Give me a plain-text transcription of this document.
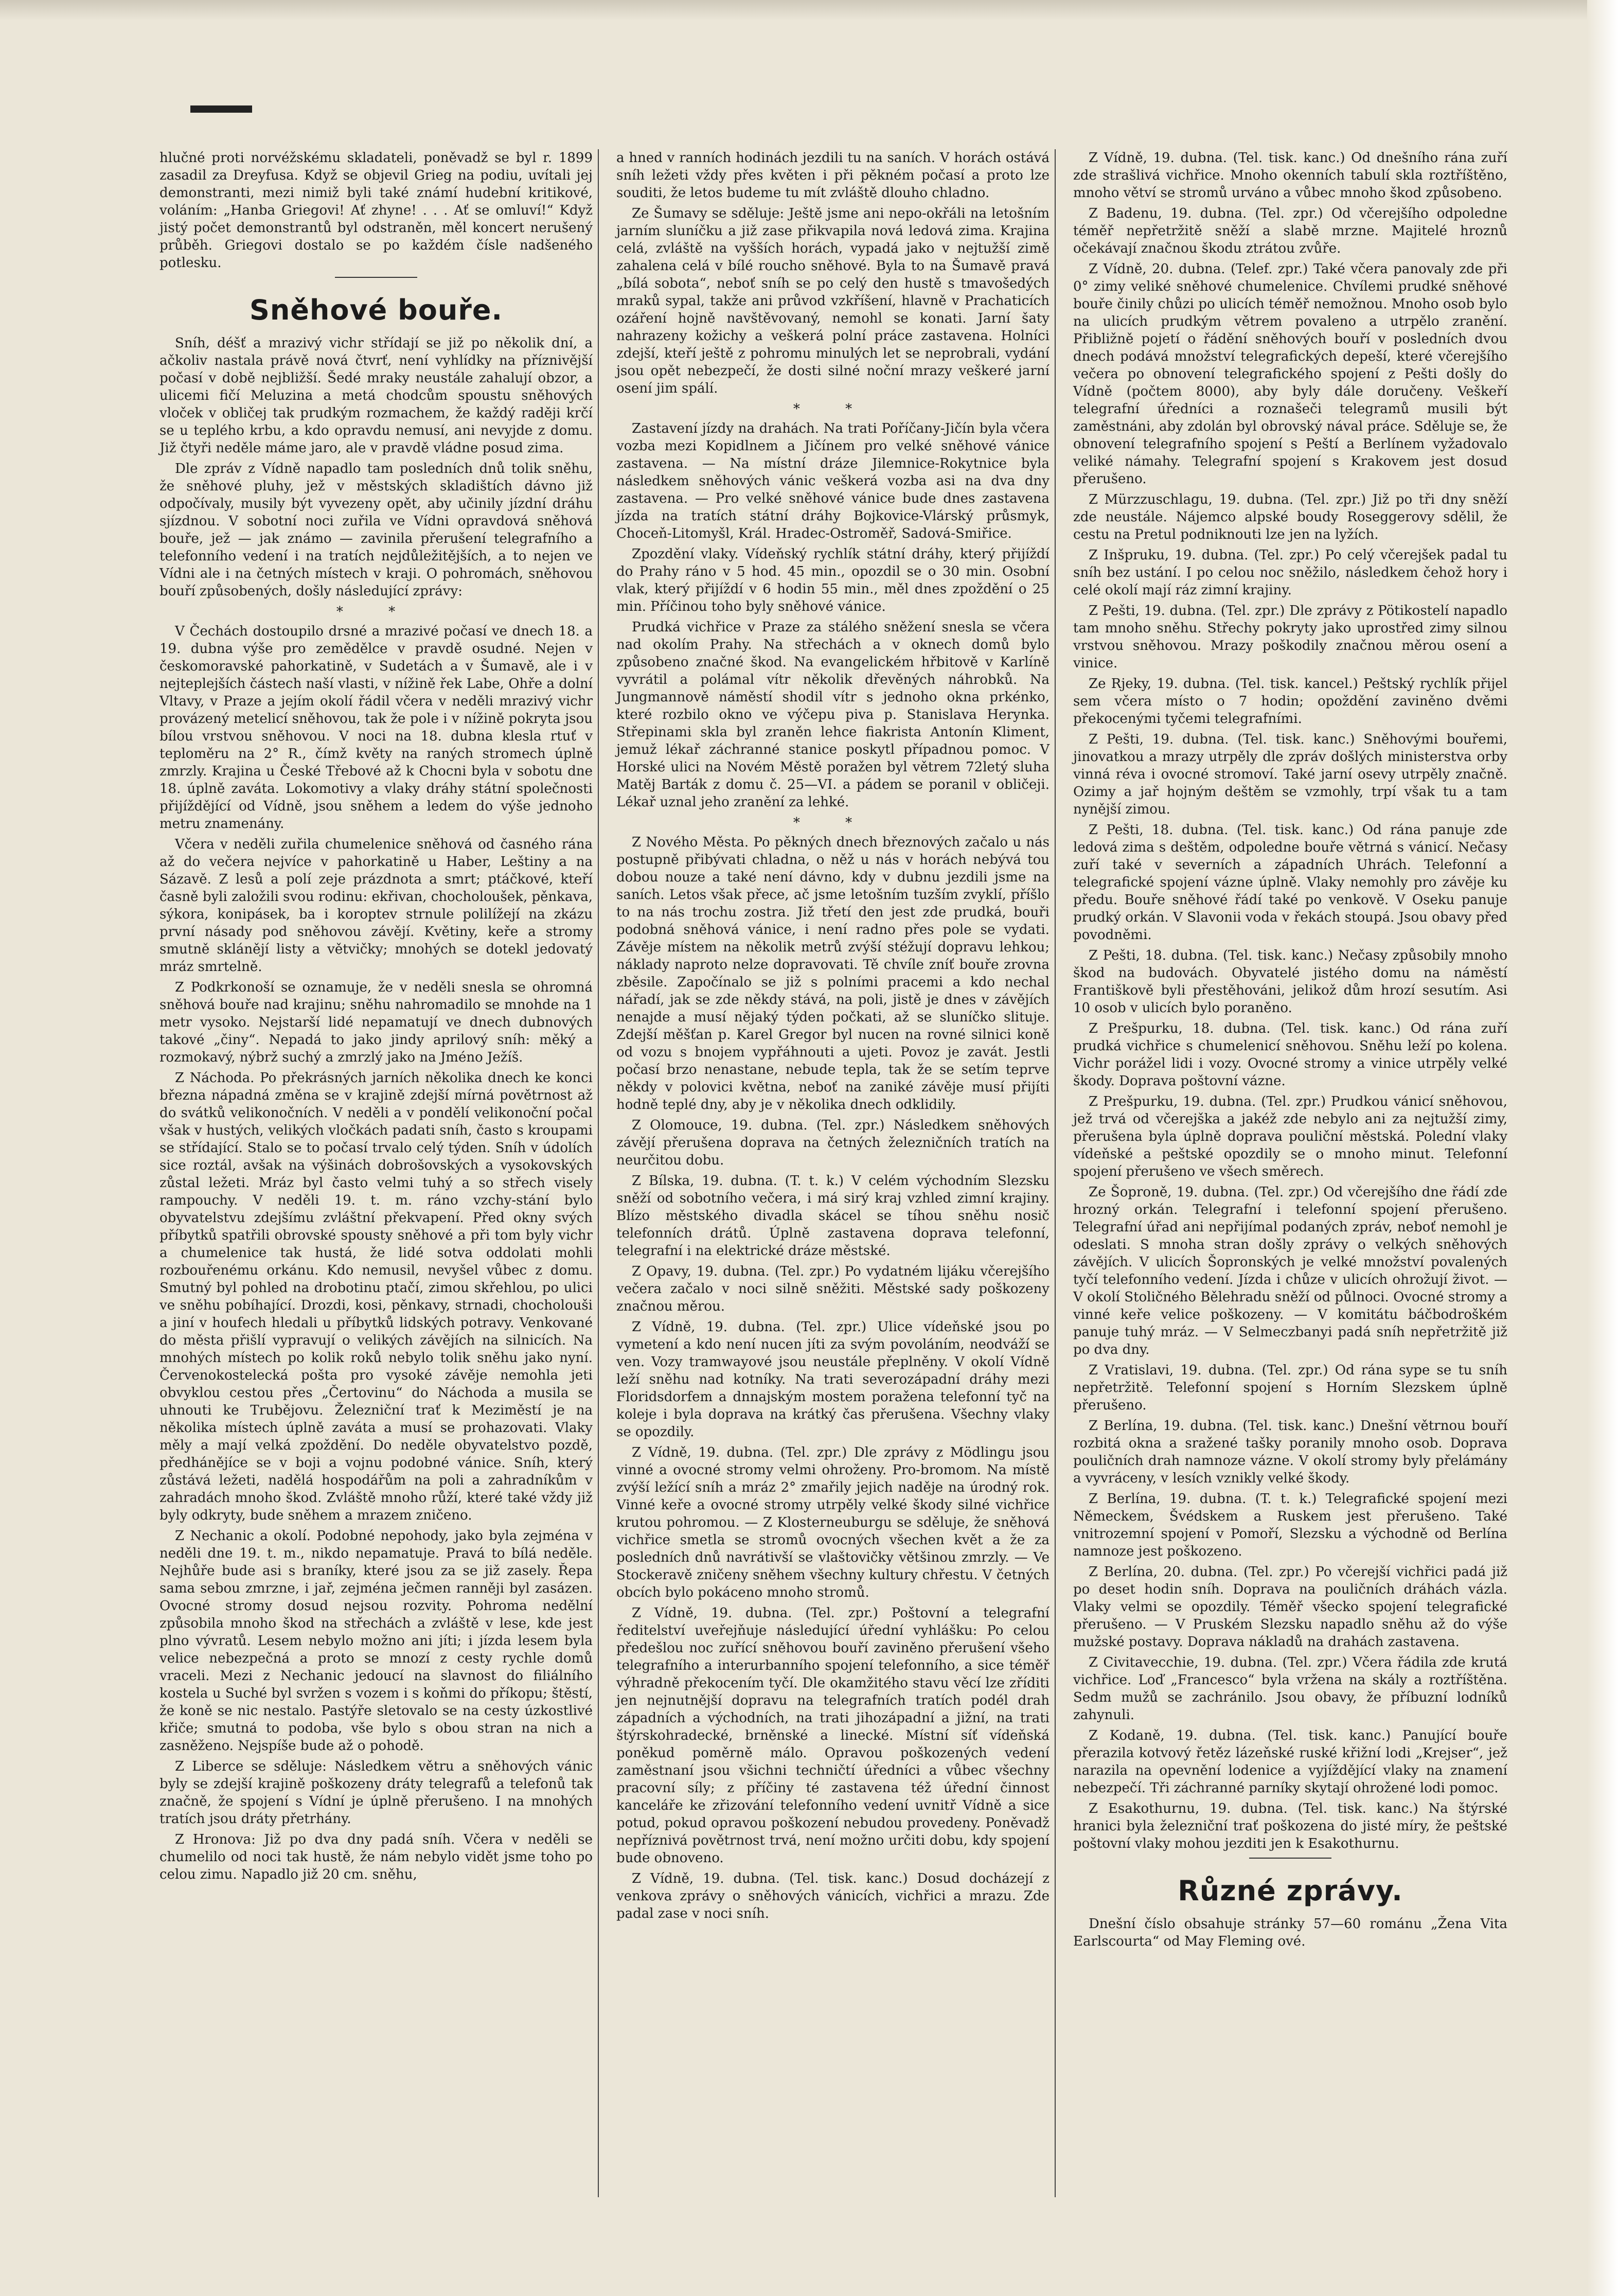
hlučné proti norvéžskému skladateli, poněvadž se byl r. 1899 zasadil za Dreyfusa. Když se objevil Grieg na podiu, uvítali jej demonstranti, mezi nimiž byli také známí hudební kritikové, voláním: „Hanba Griegovi! Ať zhyne! . . . Ať se omluví!“ Když jistý počet demonstrantů byl odstraněn, měl koncert nerušený průběh. Griegovi dostalo se po každém čísle nadšeného potlesku.

Sněhové bouře.

Sníh, déšť a mrazivý vichr střídají se již po několik dní, a ačkoliv nastala právě nová čtvrť, není vyhlídky na příznivější počasí v době nejbližší. Šedé mraky neustále zahalují obzor, a ulicemi fičí Meluzina a metá chodcům spoustu sněhových vloček v obličej tak prudkým rozmachem, že každý raději krčí se u teplého krbu, a kdo opravdu nemusí, ani nevyjde z domu. Již čtyři neděle máme jaro, ale v pravdě vládne posud zima.

Dle zpráv z Vídně napadlo tam posledních dnů tolik sněhu, že sněhové pluhy, jež v městských skladištích dávno již odpočívaly, musily být vyvezeny opět, aby učinily jízdní dráhu sjízdnou. V sobotní noci zuřila ve Vídni opravdová sněhová bouře, jež — jak známo — zavinila přerušení telegrafního a telefonního vedení i na tratích nejdůležitějších, a to nejen ve Vídni ale i na četných místech v kraji. O pohromách, sněhovou bouří způsobených, došly následující zprávy:

* *

V Čechách dostoupilo drsné a mrazivé počasí ve dnech 18. a 19. dubna výše pro zemědělce v pravdě osudné. Nejen v českomoravské pahorkatině, v Sudetách a v Šumavě, ale i v nejteplejších částech naší vlasti, v nížině řek Labe, Ohře a dolní Vltavy, v Praze a jejím okolí řádil včera v neděli mrazivý vichr provázený metelicí sněhovou, tak že pole i v nížině pokryta jsou bílou vrstvou sněhovou. V noci na 18. dubna klesla rtuť v teploměru na 2° R., čímž květy na raných stromech úplně zmrzly. Krajina u České Třebové až k Chocni byla v sobotu dne 18. úplně zaváta. Lokomotivy a vlaky dráhy státní společnosti přijíždějící od Vídně, jsou sněhem a ledem do výše jednoho metru znamenány.

Včera v neděli zuřila chumelenice sněhová od časného rána až do večera nejvíce v pahorkatině u Haber, Leštiny a na Sázavě. Z lesů a polí zeje prázdnota a smrt; ptáčkové, kteří časně byli založili svou rodinu: ekřivan, chocholoušek, pěnkava, sýkora, konipásek, ba i koroptev strnule polilížejí na zkázu první násady pod sněhovou závějí. Květiny, keře a stromy smutně sklánějí listy a větvičky; mnohých se dotekl jedovatý mráz smrtelně.

Z Podkrkonoší se oznamuje, že v neděli snesla se ohromná sněhová bouře nad krajinu; sněhu nahromadilo se mnohde na 1 metr vysoko. Nejstarší lidé nepamatují ve dnech dubnových takové „činy“. Nepadá to jako jindy aprilový sníh: měký a rozmokavý, nýbrž suchý a zmrzlý jako na Jméno Ježíš.

Z Náchoda. Po překrásných jarních několika dnech ke konci března nápadná změna se v krajině zdejší mírná povětrnost až do svátků velikonočních. V neděli a v pondělí velikonoční počal však v hustých, velikých vločkách padati sníh, často s kroupami se střídající. Stalo se to počasí trvalo celý týden. Sníh v údolích sice roztál, avšak na výšinách dobrošovských a vysokovských zůstal ležeti. Mráz byl často velmi tuhý a so střech visely rampouchy. V neděli 19. t. m. ráno vzchy-stání bylo obyvatelstvu zdejšímu zvláštní překvapení. Před okny svých příbytků spatřili obrovské spousty sněhové a při tom byly vichr a chumelenice tak hustá, že lidé sotva oddolati mohli rozbouřenému orkánu. Kdo nemusil, nevyšel vůbec z domu. Smutný byl pohled na drobotinu ptačí, zimou skřehlou, po ulici ve sněhu pobíhající. Drozdi, kosi, pěnkavy, strnadi, chocholouši a jiní v houfech hledali u příbytků lidských potravy. Venkované do města přišlí vypravují o velikých závějích na silnicích. Na mnohých místech po kolik roků nebylo tolik sněhu jako nyní. Červenokostelecká pošta pro vysoké závěje nemohla jeti obvyklou cestou přes „Čertovinu“ do Náchoda a musila se uhnouti ke Trubějovu. Železniční trať k Meziměstí je na několika místech úplně zaváta a musí se prohazovati. Vlaky měly a mají velká zpoždění. Do neděle obyvatelstvo pozdě, předhánějíce se v boji a vojnu podobné vánice. Sníh, který zůstává ležeti, nadělá hospodářům na poli a zahradníkům v zahradách mnoho škod. Zvláště mnoho růží, které také vždy již byly odkryty, bude sněhem a mrazem zničeno.

Z Nechanic a okolí. Podobné nepohody, jako byla zejména v neděli dne 19. t. m., nikdo nepamatuje. Pravá to bílá neděle. Nejhůře bude asi s braníky, které jsou za se již zasely. Řepa sama sebou zmrzne, i jař, zejména ječmen ranněji byl zasázen. Ovocné stromy dosud nejsou rozvity. Pohroma nedělní způsobila mnoho škod na střechách a zvláště v lese, kde jest plno vývratů. Lesem nebylo možno ani jíti; i jízda lesem byla velice nebezpečná a proto se mnozí z cesty rychle domů vraceli. Mezi z Nechanic jedoucí na slavnost do filiálního kostela u Suché byl svržen s vozem i s koňmi do příkopu; štěstí, že koně se nic nestalo. Pastýře sletovalo se na cesty úzkostlivé křiče; smutná to podoba, vše bylo s obou stran na nich a zasněženo. Nejspíše bude až o pohodě.

Z Liberce se sděluje: Následkem větru a sněhových vánic byly se zdejší krajině poškozeny dráty telegrafů a telefonů tak značně, že spojení s Vídní je úplně přerušeno. I na mnohých tratích jsou dráty přetrhány.

Z Hronova: Již po dva dny padá sníh. Včera v neděli se chumelilo od noci tak hustě, že nám nebylo vidět jsme toho po celou zimu. Napadlo již 20 cm. sněhu,

a hned v ranních hodinách jezdili tu na saních. V horách ostává sníh ležeti vždy přes květen i při pěkném počasí a proto lze souditi, že letos budeme tu mít zvláště dlouho chladno.

Ze Šumavy se sděluje: Ještě jsme ani nepo-okřáli na letošním jarním sluníčku a již zase přikvapila nová ledová zima. Krajina celá, zvláště na vyšších horách, vypadá jako v nejtužší zimě zahalena celá v bílé roucho sněhové. Byla to na Šumavě pravá „bílá sobota“, neboť sníh se po celý den hustě s tmavošedých mraků sypal, takže ani průvod vzkříšení, hlavně v Prachaticích ozáření hojně navštěvovaný, nemohl se konati. Jarní šaty nahrazeny kožichy a veškerá polní práce zastavena. Holníci zdejší, kteří ještě z pohromu minulých let se neprobrali, vydání jsou opět nebezpečí, že dosti silné noční mrazy veškeré jarní osení jim spálí.

* *

Zastavení jízdy na drahách. Na trati Poříčany-Jičín byla včera vozba mezi Kopidlnem a Jičínem pro velké sněhové vánice zastavena. — Na místní dráze Jilemnice-Rokytnice byla následkem sněhových vánic veškerá vozba asi na dva dny zastavena. — Pro velké sněhové vánice bude dnes zastavena jízda na tratích státní dráhy Bojkovice-Vlárský průsmyk, Choceň-Litomyšl, Král. Hradec-Ostroměř, Sadová-Smiřice.

Zpozdění vlaky. Vídeňský rychlík státní dráhy, který přijíždí do Prahy ráno v 5 hod. 45 min., opozdil se o 30 min. Osobní vlak, který přijíždí v 6 hodin 55 min., měl dnes zpoždění o 25 min. Příčinou toho byly sněhové vánice.

Prudká vichřice v Praze za stálého sněžení snesla se včera nad okolím Prahy. Na střechách a v oknech domů bylo způsobeno značné škod. Na evangelickém hřbitově v Karlíně vyvrátil a polámal vítr několik dřevěných náhrobků. Na Jungmannově náměstí shodil vítr s jednoho okna prkénko, které rozbilo okno ve výčepu piva p. Stanislava Herynka. Střepinami skla byl zraněn lehce fiakrista Antonín Kliment, jemuž lékař záchranné stanice poskytl případnou pomoc. V Horské ulici na Novém Městě poražen byl větrem 72letý sluha Matěj Barták z domu č. 25—VI. a pádem se poranil v obličeji. Lékař uznal jeho zranění za lehké.

* *

Z Nového Města. Po pěkných dnech březnových začalo u nás postupně přibývati chladna, o něž u nás v horách nebývá tou dobou nouze a také není dávno, kdy v dubnu jezdili jsme na saních. Letos však přece, ač jsme letošním tuzším zvyklí, příšlo to na nás trochu zostra. Již třetí den jest zde prudká, bouři podobná sněhová vánice, i není radno přes pole se vydati. Závěje místem na několik metrů zvýší stéžují dopravu lehkou; náklady naproto nelze dopravovati. Tě chvíle zníť bouře zrovna zběsile. Započínalo se již s polními pracemi a kdo nechal nářadí, jak se zde někdy stává, na poli, jistě je dnes v závějích nenajde a musí nějaký týden počkati, až se sluníčko slituje. Zdejší měšťan p. Karel Gregor byl nucen na rovné silnici koně od vozu s bnojem vypřáhnouti a ujeti. Povoz je zavát. Jestli počasí brzo nenastane, nebude tepla, tak že se setím teprve někdy v polovici května, neboť na zaniké závěje musí přijíti hodně teplé dny, aby je v několika dnech odklidily.

Z Olomouce, 19. dubna. (Tel. zpr.) Následkem sněhových závějí přerušena doprava na četných železničních tratích na neurčitou dobu.

Z Bílska, 19. dubna. (T. t. k.) V celém východním Slezsku sněží od sobotního večera, i má sirý kraj vzhled zimní krajiny. Blízo městského divadla skácel se tíhou sněhu nosič telefonních drátů. Úplně zastavena doprava telefonní, telegrafní i na elektrické dráze městské.

Z Opavy, 19. dubna. (Tel. zpr.) Po vydatném lijáku včerejšího večera začalo v noci silně sněžiti. Městské sady poškozeny značnou měrou.

Z Vídně, 19. dubna. (Tel. zpr.) Ulice vídeňské jsou po vymetení a kdo není nucen jíti za svým povoláním, neodváží se ven. Vozy tramwayové jsou neustále přeplněny. V okolí Vídně leží sněhu nad kotníky. Na trati severozápadní dráhy mezi Floridsdorfem a dnnajským mostem poražena telefonní tyč na koleje i byla doprava na krátký čas přerušena. Všechny vlaky se opozdily.

Z Vídně, 19. dubna. (Tel. zpr.) Dle zprávy z Mödlingu jsou vinné a ovocné stromy velmi ohroženy. Pro-bromom. Na místě zvýší ležící sníh a mráz 2° zmařily jejich naděje na úrodný rok. Vinné keře a ovocné stromy utrpěly velké škody silné vichřice krutou pohromou. — Z Klosterneuburgu se sděluje, že sněhová vichřice smetla se stromů ovocných všechen květ a že za posledních dnů navrátivší se vlaštovičky většinou zmrzly. — Ve Stockeravě zničeny sněhem všechny kultury chřestu. V četných obcích bylo pokáceno mnoho stromů.

Z Vídně, 19. dubna. (Tel. zpr.) Poštovní a telegrafní ředitelství uveřejňuje následující úřední vyhlášku: Po celou předešlou noc zuřící sněhovou bouří zaviněno přerušení všeho telegrafního a interurbanního spojení telefonního, a sice téměř výhradně překocením tyčí. Dle okamžitého stavu věcí lze zříditi jen nejnutnější dopravu na telegrafních tratích podél drah západních a východních, na trati jihozápadní a jižní, na trati štýrskohradecké, brněnské a linecké. Místní síť vídeňská poněkud poměrně málo. Opravou poškozených vedení zaměstnaní jsou všichni techničtí úředníci a vůbec všechny pracovní síly; z příčiny té zastavena též úřední činnost kanceláře ke zřizování telefonního vedení uvnitř Vídně a sice potud, pokud opravou poškození nebudou provedeny. Poněvadž nepříznivá povětrnost trvá, není možno určiti dobu, kdy spojení bude obnoveno.

Z Vídně, 19. dubna. (Tel. tisk. kanc.) Dosud docházejí z venkova zprávy o sněhových vánicích, vichřici a mrazu. Zde padal zase v noci sníh.

Z Vídně, 19. dubna. (Tel. tisk. kanc.) Od dnešního rána zuří zde strašlivá vichřice. Mnoho okenních tabulí skla roztříštěno, mnoho větví se stromů urváno a vůbec mnoho škod způsobeno.

Z Badenu, 19. dubna. (Tel. zpr.) Od včerejšího odpoledne téměř nepřetržitě sněží a slabě mrzne. Majitelé hroznů očekávají značnou škodu ztrátou zvůře.

Z Vídně, 20. dubna. (Telef. zpr.) Také včera panovaly zde při 0° zimy veliké sněhové chumelenice. Chvílemi prudké sněhové bouře činily chůzi po ulicích téměř nemožnou. Mnoho osob bylo na ulicích prudkým větrem povaleno a utrpělo zranění. Přibližně pojetí o řádění sněhových bouří v posledních dvou dnech podává množství telegrafických depeší, které včerejšího večera po obnovení telegrafického spojení z Pešti došly do Vídně (počtem 8000), aby byly dále doručeny. Veškeří telegrafní úředníci a roznašeči telegramů musili být zaměstnáni, aby zdolán byl obrovský nával práce. Sděluje se, že obnovení telegrafního spojení s Peští a Berlínem vyžadovalo veliké námahy. Telegrafní spojení s Krakovem jest dosud přerušeno.

Z Mürzzuschlagu, 19. dubna. (Tel. zpr.) Již po tři dny sněží zde neustále. Nájemco alpské boudy Roseggerovy sdělil, že cestu na Pretul podniknouti lze jen na lyžích.

Z Inšpruku, 19. dubna. (Tel. zpr.) Po celý včerejšek padal tu sníh bez ustání. I po celou noc sněžilo, následkem čehož hory i celé okolí mají ráz zimní krajiny.

Z Pešti, 19. dubna. (Tel. zpr.) Dle zprávy z Pötikostelí napadlo tam mnoho sněhu. Střechy pokryty jako uprostřed zimy silnou vrstvou sněhovou. Mrazy poškodily značnou měrou osení a vinice.

Ze Rjeky, 19. dubna. (Tel. tisk. kancel.) Peštský rychlík přijel sem včera místo o 7 hodin; opoždění zaviněno dvěmi překocenými tyčemi telegrafními.

Z Pešti, 19. dubna. (Tel. tisk. kanc.) Sněhovými bouřemi, jinovatkou a mrazy utrpěly dle zpráv došlých ministerstva orby vinná réva i ovocné stromoví. Také jarní osevy utrpěly značně. Ozimy a jař hojným deštěm se vzmohly, trpí však tu a tam nynější zimou.

Z Pešti, 18. dubna. (Tel. tisk. kanc.) Od rána panuje zde ledová zima s deštěm, odpoledne bouře větrná s vánicí. Nečasy zuří také v severních a západních Uhrách. Telefonní a telegrafické spojení vázne úplně. Vlaky nemohly pro závěje ku předu. Bouře sněhové řádí také po venkově. V Oseku panuje prudký orkán. V Slavonii voda v řekách stoupá. Jsou obavy před povodněmi.

Z Pešti, 18. dubna. (Tel. tisk. kanc.) Nečasy způsobily mnoho škod na budovách. Obyvatelé jistého domu na náměstí Františkově byli přestěhováni, jelikož dům hrozí sesutím. Asi 10 osob v ulicích bylo poraněno.

Z Prešpurku, 18. dubna. (Tel. tisk. kanc.) Od rána zuří prudká vichřice s chumelenicí sněhovou. Sněhu leží po kolena. Vichr porážel lidi i vozy. Ovocné stromy a vinice utrpěly velké škody. Doprava poštovní vázne.

Z Prešpurku, 19. dubna. (Tel. zpr.) Prudkou vánicí sněhovou, jež trvá od včerejška a jakéž zde nebylo ani za nejtužší zimy, přerušena byla úplně doprava pouliční městská. Polední vlaky vídeňské a peštské opozdily se o mnoho minut. Telefonní spojení přerušeno ve všech směrech.

Ze Šoproně, 19. dubna. (Tel. zpr.) Od včerejšího dne řádí zde hrozný orkán. Telegrafní i telefonní spojení přerušeno. Telegrafní úřad ani nepřijímal podaných zpráv, neboť nemohl je odeslati. S mnoha stran došly zprávy o velkých sněhových závějích. V ulicích Šopronských je velké množství povalených tyčí telefonního vedení. Jízda i chůze v ulicích ohrožují život. — V okolí Stoličného Bělehradu sněží od půlnoci. Ovocné stromy a vinné keře velice poškozeny. — V komitátu báčbodroškém panuje tuhý mráz. — V Selmeczbanyi padá sníh nepřetržitě již po dva dny.

Z Vratislavi, 19. dubna. (Tel. zpr.) Od rána sype se tu sníh nepřetržitě. Telefonní spojení s Horním Slezskem úplně přerušeno.

Z Berlína, 19. dubna. (Tel. tisk. kanc.) Dnešní větrnou bouří rozbitá okna a sražené tašky poranily mnoho osob. Doprava pouličních drah namnoze vázne. V okolí stromy byly přelámány a vyvráceny, v lesích vznikly velké škody.

Z Berlína, 19. dubna. (T. t. k.) Telegrafické spojení mezi Německem, Švédskem a Ruskem jest přerušeno. Také vnitrozemní spojení v Pomoří, Slezsku a východně od Berlína namnoze jest poškozeno.

Z Berlína, 20. dubna. (Tel. zpr.) Po včerejší vichřici padá již po deset hodin sníh. Doprava na pouličních dráhách vázla. Vlaky velmi se opozdily. Téměř všecko spojení telegrafické přerušeno. — V Pruském Slezsku napadlo sněhu až do výše mužské postavy. Doprava nákladů na drahách zastavena.

Z Civitavecchie, 19. dubna. (Tel. zpr.) Včera řádila zde krutá vichřice. Loď „Francesco“ byla vržena na skály a roztříštěna. Sedm mužů se zachránilo. Jsou obavy, že příbuzní lodníků zahynuli.

Z Kodaně, 19. dubna. (Tel. tisk. kanc.) Panující bouře přerazila kotvový řetěz lázeňské ruské křižní lodi „Krejser“, jež narazila na opevnění lodenice a vyjíždějící vlaky na znamení nebezpečí. Tři záchranné parníky skytají ohrožené lodi pomoc.

Z Esakothurnu, 19. dubna. (Tel. tisk. kanc.) Na štýrské hranici byla železniční trať poškozena do jisté míry, že peštské poštovní vlaky mohou jezditi jen k Esakothurnu.

Různé zprávy.

Dnešní číslo obsahuje stránky 57—60 románu „Žena Vita Earlscourta“ od May Fleming ové.
